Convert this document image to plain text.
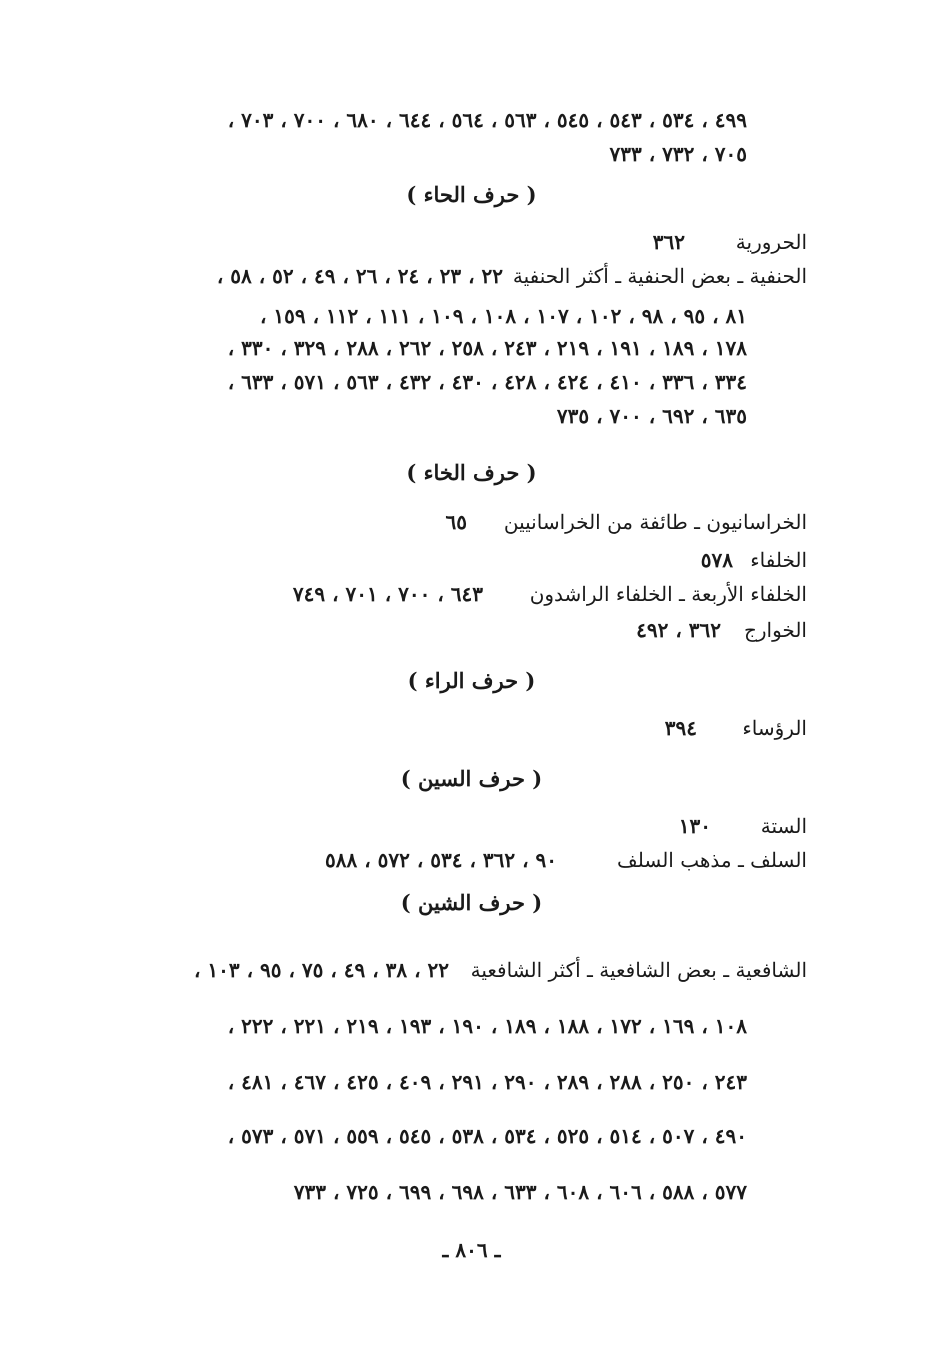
٤٩٩ ، ٥٣٤ ، ٥٤٣ ، ٥٤٥ ، ٥٦٣ ، ٥٦٤ ، ٦٤٤ ، ٦٨٠ ، ٧٠٠ ، ٧٠٣ ،
٧٠٥ ، ٧٣٢ ، ٧٣٣
( حرف الحاء )
الحرورية
٣٦٢
الحنفية ـ بعض الحنفية ـ أكثر الحنفية
٢٢ ، ٢٣ ، ٢٤ ، ٢٦ ، ٤٩ ، ٥٢ ، ٥٨ ،
٨١ ، ٩٥ ، ٩٨ ، ١٠٢ ، ١٠٧ ، ١٠٨ ، ١٠٩ ، ١١١ ، ١١٢ ، ١٥٩ ،
١٧٨ ، ١٨٩ ، ١٩١ ، ٢١٩ ، ٢٤٣ ، ٢٥٨ ، ٢٦٢ ، ٢٨٨ ، ٣٢٩ ، ٣٣٠ ،
٣٣٤ ، ٣٣٦ ، ٤١٠ ، ٤٢٤ ، ٤٢٨ ، ٤٣٠ ، ٤٣٢ ، ٥٦٣ ، ٥٧١ ، ٦٣٣ ،
٦٣٥ ، ٦٩٢ ، ٧٠٠ ، ٧٣٥
( حرف الخاء )
الخراسانيون ـ طائفة من الخراسانيين
٦٥
الخلفاء
٥٧٨
الخلفاء الأربعة ـ الخلفاء الراشدون
٦٤٣ ، ٧٠٠ ، ٧٠١ ، ٧٤٩
الخوارج
٣٦٢ ، ٤٩٢
( حرف الراء )
الرؤساء
٣٩٤
( حرف السين )
الستة
١٣٠
السلف ـ مذهب السلف
٩٠ ، ٣٦٢ ، ٥٣٤ ، ٥٧٢ ، ٥٨٨
( حرف الشين )
الشافعية ـ بعض الشافعية ـ أكثر الشافعية
٢٢ ، ٣٨ ، ٤٩ ، ٧٥ ، ٩٥ ، ١٠٣ ،
١٠٨ ، ١٦٩ ، ١٧٢ ، ١٨٨ ، ١٨٩ ، ١٩٠ ، ١٩٣ ، ٢١٩ ، ٢٢١ ، ٢٢٢ ،
٢٤٣ ، ٢٥٠ ، ٢٨٨ ، ٢٨٩ ، ٢٩٠ ، ٢٩١ ، ٤٠٩ ، ٤٢٥ ، ٤٦٧ ، ٤٨١ ،
٤٩٠ ، ٥٠٧ ، ٥١٤ ، ٥٢٥ ، ٥٣٤ ، ٥٣٨ ، ٥٤٥ ، ٥٥٩ ، ٥٧١ ، ٥٧٣ ،
٥٧٧ ، ٥٨٨ ، ٦٠٦ ، ٦٠٨ ، ٦٣٣ ، ٦٩٨ ، ٦٩٩ ، ٧٢٥ ، ٧٣٣
ـ ٨٠٦ ـ
